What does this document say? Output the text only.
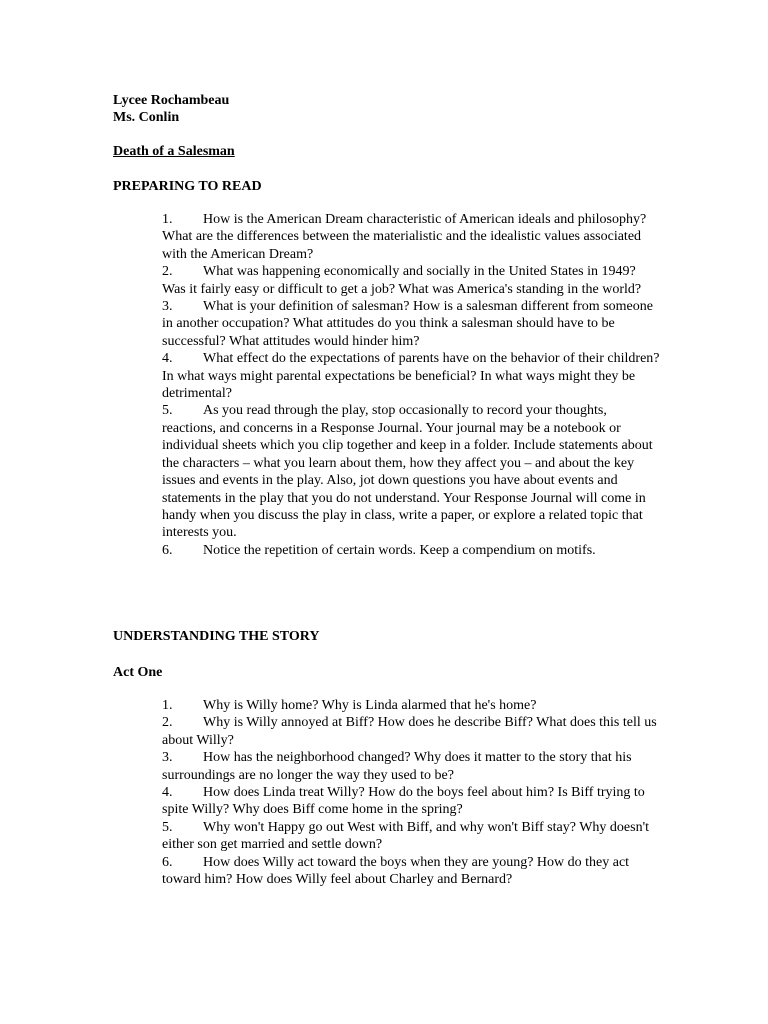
Lycee Rochambeau
Ms. Conlin
Death of a Salesman
PREPARING TO READ
1. How is the American Dream characteristic of American ideals and philosophy? What are the differences between the materialistic and the idealistic values associated with the American Dream?
2. What was happening economically and socially in the United States in 1949? Was it fairly easy or difficult to get a job? What was America's standing in the world?
3. What is your definition of salesman? How is a salesman different from someone in another occupation? What attitudes do you think a salesman should have to be successful? What attitudes would hinder him?
4. What effect do the expectations of parents have on the behavior of their children? In what ways might parental expectations be beneficial? In what ways might they be detrimental?
5. As you read through the play, stop occasionally to record your thoughts, reactions, and concerns in a Response Journal. Your journal may be a notebook or individual sheets which you clip together and keep in a folder. Include statements about the characters – what you learn about them, how they affect you – and about the key issues and events in the play. Also, jot down questions you have about events and statements in the play that you do not understand. Your Response Journal will come in handy when you discuss the play in class, write a paper, or explore a related topic that interests you.
6. Notice the repetition of certain words. Keep a compendium on motifs.
UNDERSTANDING THE STORY
Act One
1. Why is Willy home? Why is Linda alarmed that he's home?
2. Why is Willy annoyed at Biff? How does he describe Biff? What does this tell us about Willy?
3. How has the neighborhood changed? Why does it matter to the story that his surroundings are no longer the way they used to be?
4. How does Linda treat Willy? How do the boys feel about him? Is Biff trying to spite Willy? Why does Biff come home in the spring?
5. Why won't Happy go out West with Biff, and why won't Biff stay? Why doesn't either son get married and settle down?
6. How does Willy act toward the boys when they are young? How do they act toward him? How does Willy feel about Charley and Bernard?
